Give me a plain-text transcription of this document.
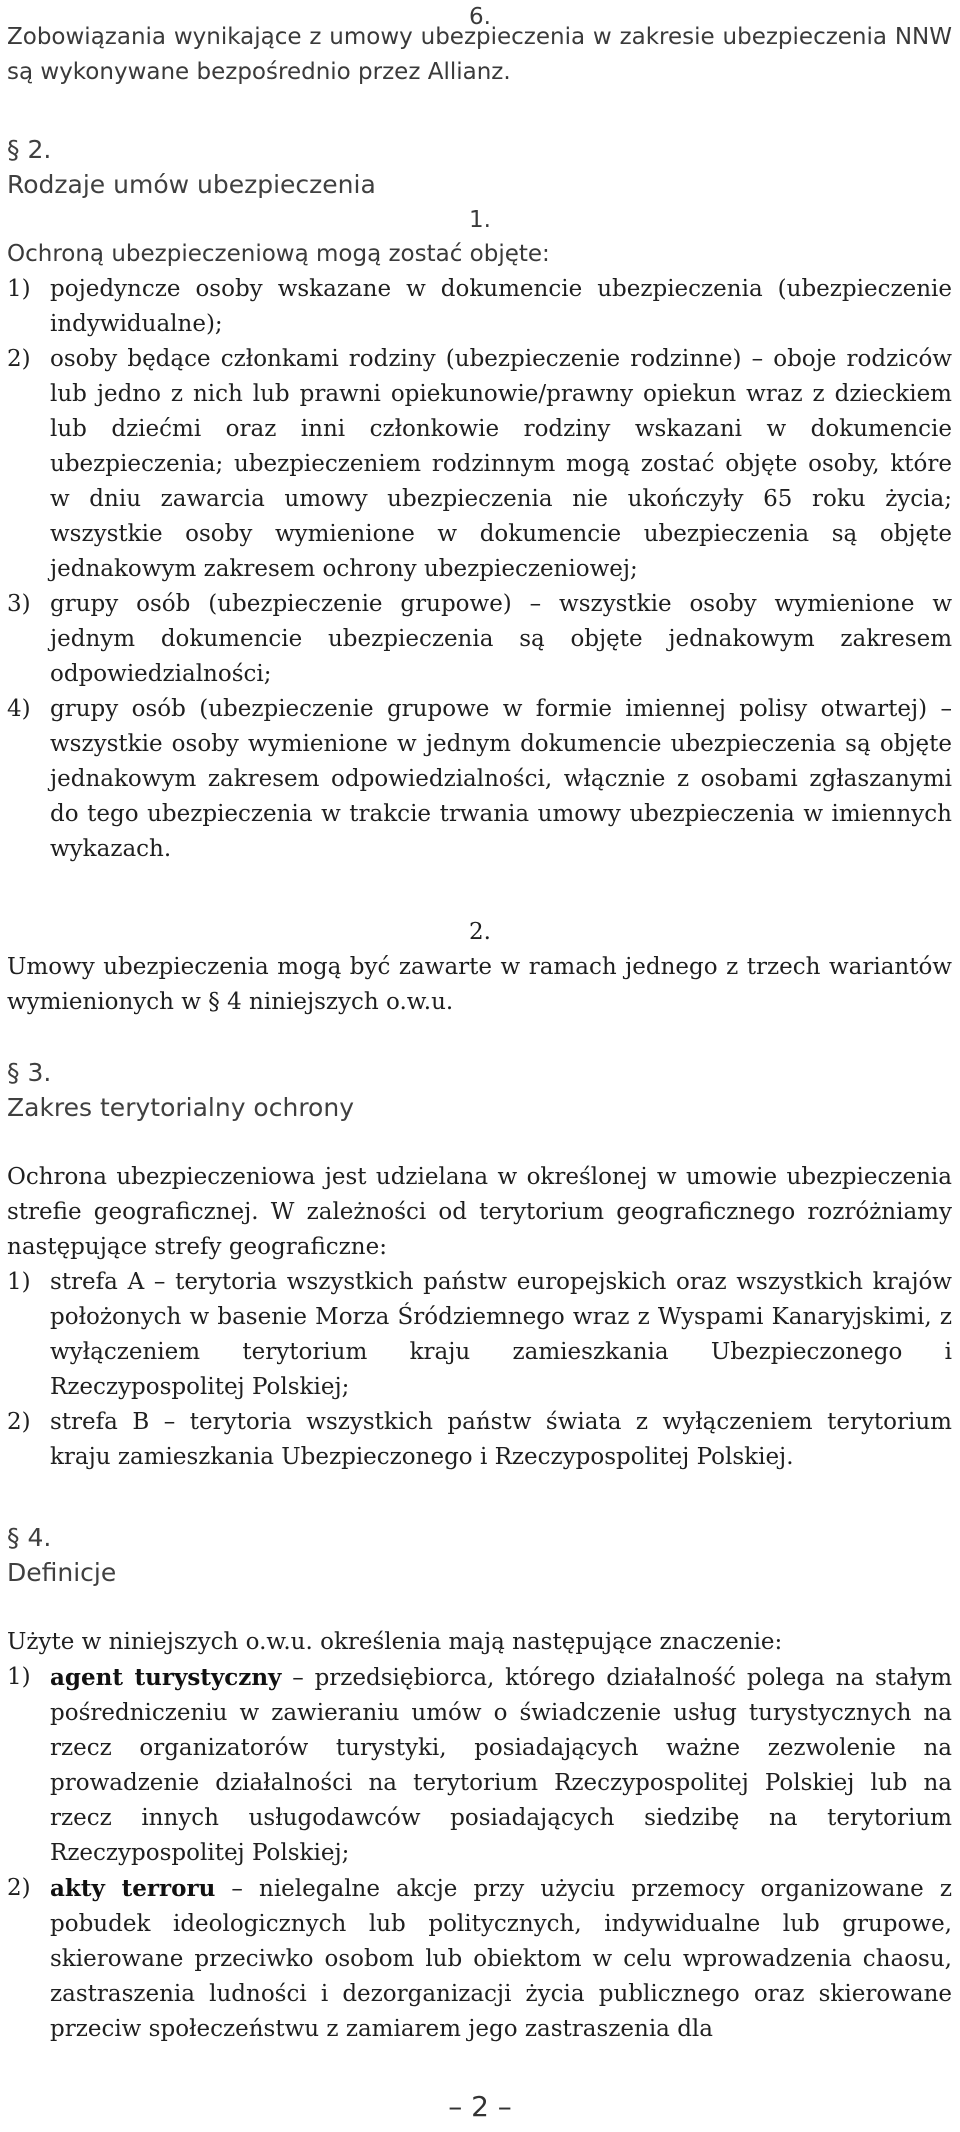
6.

Zobowiązania wynikające z umowy ubezpieczenia w zakresie ubezpieczenia NNW są wykonywane bezpośrednio przez Allianz.

§ 2.
Rodzaje umów ubezpieczenia
1.

Ochroną ubezpieczeniową mogą zostać objęte:

1) pojedyncze osoby wskazane w dokumencie ubezpieczenia (ubezpieczenie indywidualne);
2) osoby będące członkami rodziny (ubezpieczenie rodzinne) – oboje rodziców lub jedno z nich lub prawni opiekunowie/prawny opiekun wraz z dzieckiem lub dziećmi oraz inni członkowie rodziny wskazani w dokumencie ubezpieczenia; ubezpieczeniem rodzinnym mogą zostać objęte osoby, które w dniu zawarcia umowy ubezpieczenia nie ukończyły 65 roku życia; wszystkie osoby wymienione w dokumencie ubezpieczenia są objęte jednakowym zakresem ochrony ubezpieczeniowej;
3) grupy osób (ubezpieczenie grupowe) – wszystkie osoby wymienione w jednym dokumencie ubezpieczenia są objęte jednakowym zakresem odpowiedzialności;
4) grupy osób (ubezpieczenie grupowe w formie imiennej polisy otwartej) – wszystkie osoby wymienione w jednym dokumencie ubezpieczenia są objęte jednakowym zakresem odpowiedzialności, włącznie z osobami zgłaszanymi do tego ubezpieczenia w trakcie trwania umowy ubezpieczenia w imiennych wykazach.
2.

Umowy ubezpieczenia mogą być zawarte w ramach jednego z trzech wariantów wymienionych w § 4 niniejszych o.w.u.

§ 3.
Zakres terytorialny ochrony

Ochrona ubezpieczeniowa jest udzielana w określonej w umowie ubezpieczenia strefie geograficznej. W zależności od terytorium geograficznego rozróżniamy następujące strefy geograficzne:

1) strefa A – terytoria wszystkich państw europejskich oraz wszystkich krajów położonych w basenie Morza Śródziemnego wraz z Wyspami Kanaryjskimi, z wyłączeniem terytorium kraju zamieszkania Ubezpieczonego i Rzeczypospolitej Polskiej;
2) strefa B – terytoria wszystkich państw świata z wyłączeniem terytorium kraju zamieszkania Ubezpieczonego i Rzeczypospolitej Polskiej.
§ 4.
Definicje

Użyte w niniejszych o.w.u. określenia mają następujące znaczenie:

1) agent turystyczny – przedsiębiorca, którego działalność polega na stałym pośredniczeniu w zawieraniu umów o świadczenie usług turystycznych na rzecz organizatorów turystyki, posiadających ważne zezwolenie na prowadzenie działalności na terytorium Rzeczypospolitej Polskiej lub na rzecz innych usługodawców posiadających siedzibę na terytorium Rzeczypospolitej Polskiej;
2) akty terroru – nielegalne akcje przy użyciu przemocy organizowane z pobudek ideologicznych lub politycznych, indywidualne lub grupowe, skierowane przeciwko osobom lub obiektom w celu wprowadzenia chaosu, zastraszenia ludności i dezorganizacji życia publicznego oraz skierowane przeciw społeczeństwu z zamiarem jego zastraszenia dla
– 2 –
